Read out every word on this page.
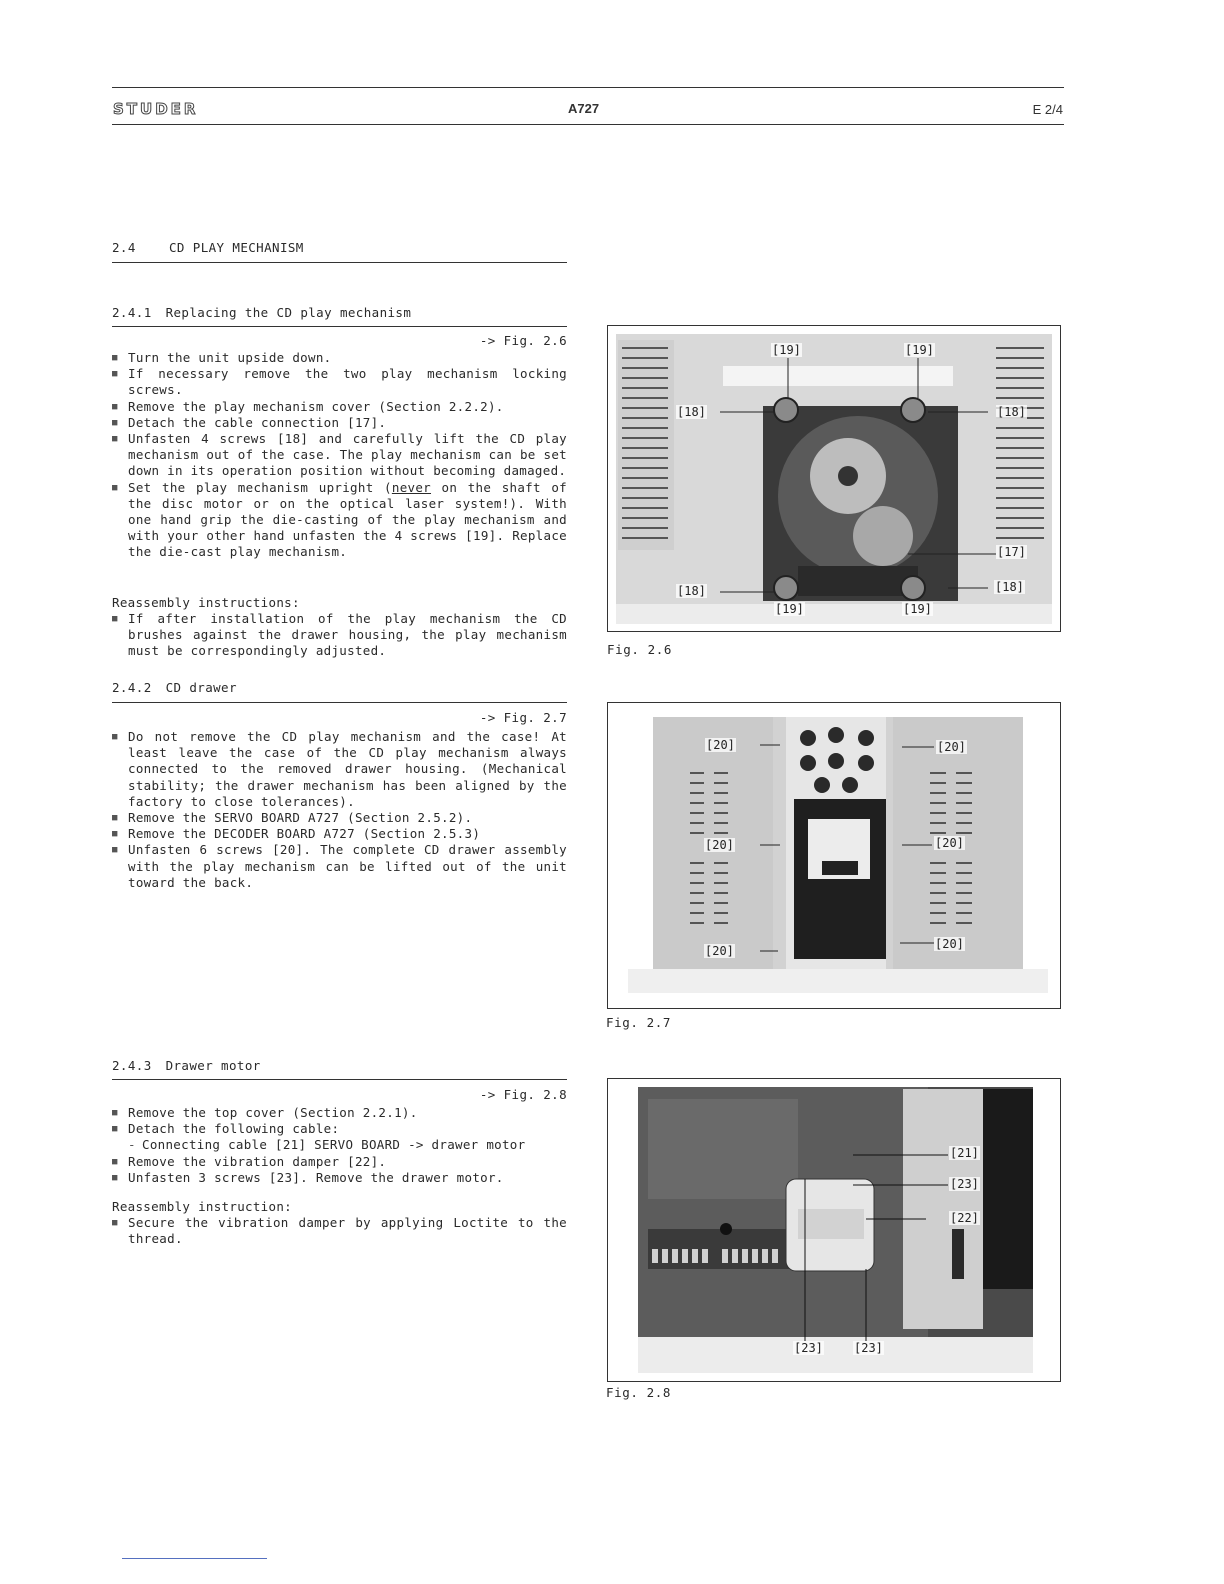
STUDER	A727	E 2/4
2.4	CD PLAY MECHANISM
2.4.1 Replacing the CD play mechanism
-> Fig. 2.6
■ Turn the unit upside down.
■ If necessary remove the two play mechanism locking screws.
■ Remove the play mechanism cover (Section 2.2.2).
■ Detach the cable connection [17].
■ Unfasten 4 screws [18] and carefully lift the CD play mechanism out of the case. The play mechanism can be set down in its operation position without becoming damaged.
■ Set the play mechanism upright (never on the shaft of the disc motor or on the optical laser system!). With one hand grip the die-casting of the play mechanism and with your other hand unfasten the 4 screws [19]. Replace the die-cast play mechanism.
Reassembly instructions:
■ If after installation of the play mechanism the CD brushes against the drawer housing, the play mechanism must be correspondingly adjusted.
2.4.2 CD drawer
-> Fig. 2.7
■ Do not remove the CD play mechanism and the case! At least leave the case of the CD play mechanism always connected to the removed drawer housing. (Mechanical stability; the drawer mechanism has been aligned by the factory to close tolerances).
■ Remove the SERVO BOARD A727 (Section 2.5.2).
■ Remove the DECODER BOARD A727 (Section 2.5.3)
■ Unfasten 6 screws [20]. The complete CD drawer assembly with the play mechanism can be lifted out of the unit toward the back.
2.4.3 Drawer motor
-> Fig. 2.8
■ Remove the top cover (Section 2.2.1).
■ Detach the following cable:
- Connecting cable [21] SERVO BOARD -> drawer motor
■ Remove the vibration damper [22].
■ Unfasten 3 screws [23]. Remove the drawer motor.
Reassembly instruction:
■ Secure the vibration damper by applying Loctite to the thread.
[19]	[19]
[18]	[18]
[17]
[18]	[18]
[19]	[19]
Fig. 2.6
[20]	[20]
[20]	[20]
[20]
[20]
Fig. 2.7
[21]
[23]
[22]
[23]	[23]
Fig. 2.8
